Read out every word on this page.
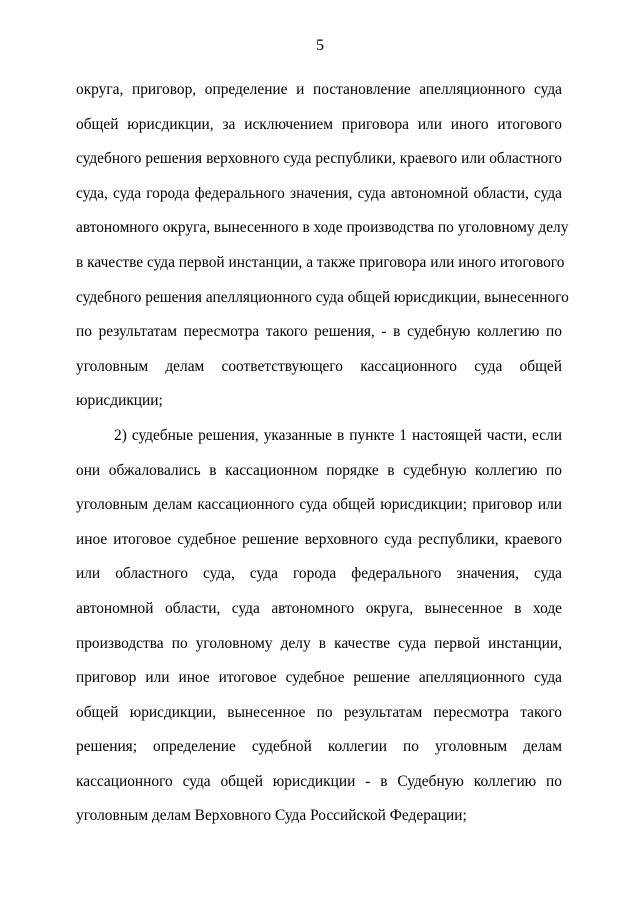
5
округа, приговор, определение и постановление апелляционного суда
общей юрисдикции, за исключением приговора или иного итогового
судебного решения верховного суда республики, краевого или областного
суда, суда города федерального значения, суда автономной области, суда
автономного округа, вынесенного в ходе производства по уголовному делу
в качестве суда первой инстанции, а также приговора или иного итогового
судебного решения апелляционного суда общей юрисдикции, вынесенного
по результатам пересмотра такого решения, - в судебную коллегию по
уголовным делам соответствующего кассационного суда общей
юрисдикции;
2) судебные решения, указанные в пункте 1 настоящей части, если
они обжаловались в кассационном порядке в судебную коллегию по
уголовным делам кассационного суда общей юрисдикции; приговор или
иное итоговое судебное решение верховного суда республики, краевого
или областного суда, суда города федерального значения, суда
автономной области, суда автономного округа, вынесенное в ходе
производства по уголовному делу в качестве суда первой инстанции,
приговор или иное итоговое судебное решение апелляционного суда
общей юрисдикции, вынесенное по результатам пересмотра такого
решения; определение судебной коллегии по уголовным делам
кассационного суда общей юрисдикции - в Судебную коллегию по
уголовным делам Верховного Суда Российской Федерации;
